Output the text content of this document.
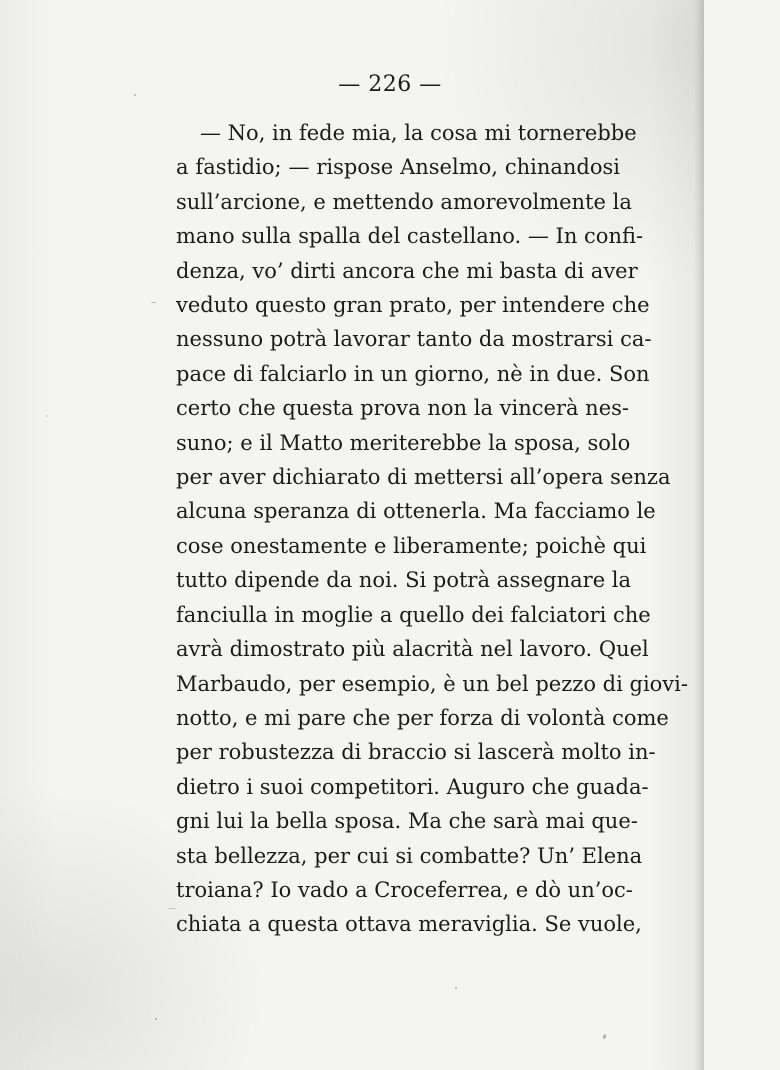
— 226 —
— No, in fede mia, la cosa mi tornerebbe
a fastidio; — rispose Anselmo, chinandosi
sull’arcione, e mettendo amorevolmente la
mano sulla spalla del castellano. — In confi-
denza, vo’ dirti ancora che mi basta di aver
veduto questo gran prato, per intendere che
nessuno potrà lavorar tanto da mostrarsi ca-
pace di falciarlo in un giorno, nè in due. Son
certo che questa prova non la vincerà nes-
suno; e il Matto meriterebbe la sposa, solo
per aver dichiarato di mettersi all’opera senza
alcuna speranza di ottenerla. Ma facciamo le
cose onestamente e liberamente; poichè qui
tutto dipende da noi. Si potrà assegnare la
fanciulla in moglie a quello dei falciatori che
avrà dimostrato più alacrità nel lavoro. Quel
Marbaudo, per esempio, è un bel pezzo di giovi-
notto, e mi pare che per forza di volontà come
per robustezza di braccio si lascerà molto in-
dietro i suoi competitori. Auguro che guada-
gni lui la bella sposa. Ma che sarà mai que-
sta bellezza, per cui si combatte? Un’ Elena
troiana? Io vado a Croceferrea, e dò un’oc-
chiata a questa ottava meraviglia. Se vuole,
